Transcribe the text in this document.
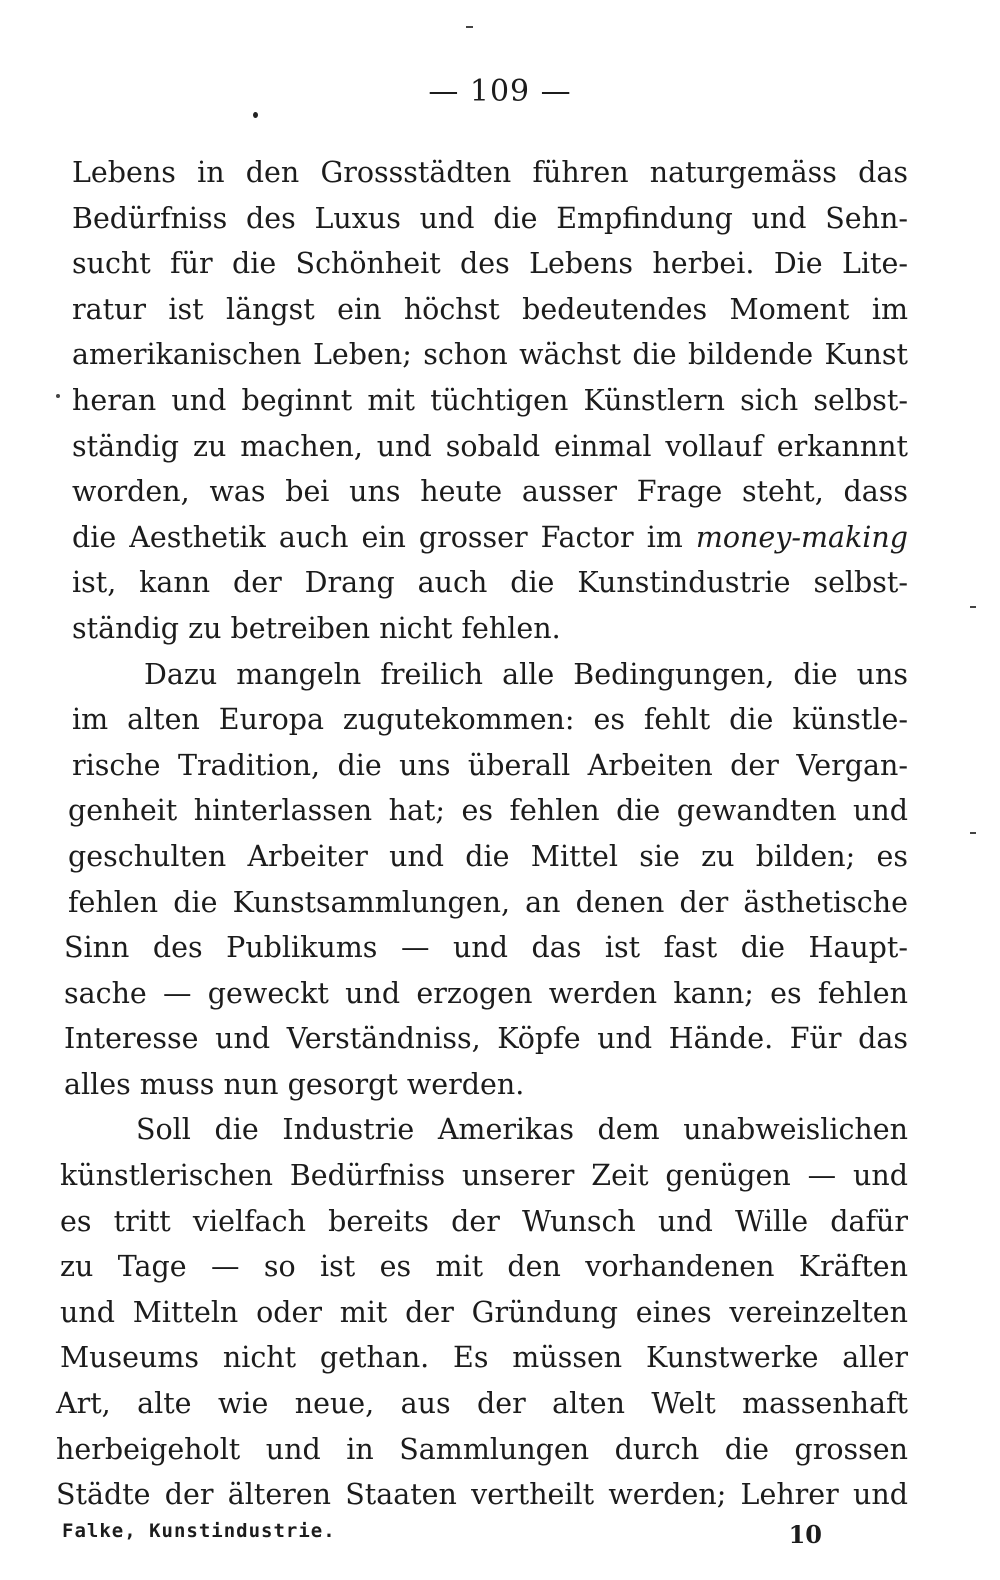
— 109 —
Lebens in den Grossstädten führen naturgemäss das
Bedürfniss des Luxus und die Empfindung und Sehn-
sucht für die Schönheit des Lebens herbei. Die Lite-
ratur ist längst ein höchst bedeutendes Moment im
amerikanischen Leben; schon wächst die bildende Kunst
heran und beginnt mit tüchtigen Künstlern sich selbst-
ständig zu machen, und sobald einmal vollauf erkannnt
worden, was bei uns heute ausser Frage steht, dass
die Aesthetik auch ein grosser Factor im money-making
ist, kann der Drang auch die Kunstindustrie selbst-
ständig zu betreiben nicht fehlen.
Dazu mangeln freilich alle Bedingungen, die uns
im alten Europa zugutekommen: es fehlt die künstle-
rische Tradition, die uns überall Arbeiten der Vergan-
genheit hinterlassen hat; es fehlen die gewandten und
geschulten Arbeiter und die Mittel sie zu bilden; es
fehlen die Kunstsammlungen, an denen der ästhetische
Sinn des Publikums — und das ist fast die Haupt-
sache — geweckt und erzogen werden kann; es fehlen
Interesse und Verständniss, Köpfe und Hände. Für das
alles muss nun gesorgt werden.
Soll die Industrie Amerikas dem unabweislichen
künstlerischen Bedürfniss unserer Zeit genügen — und
es tritt vielfach bereits der Wunsch und Wille dafür
zu Tage — so ist es mit den vorhandenen Kräften
und Mitteln oder mit der Gründung eines vereinzelten
Museums nicht gethan. Es müssen Kunstwerke aller
Art, alte wie neue, aus der alten Welt massenhaft
herbeigeholt und in Sammlungen durch die grossen
Städte der älteren Staaten vertheilt werden; Lehrer und
Falke, Kunstindustrie.	10
